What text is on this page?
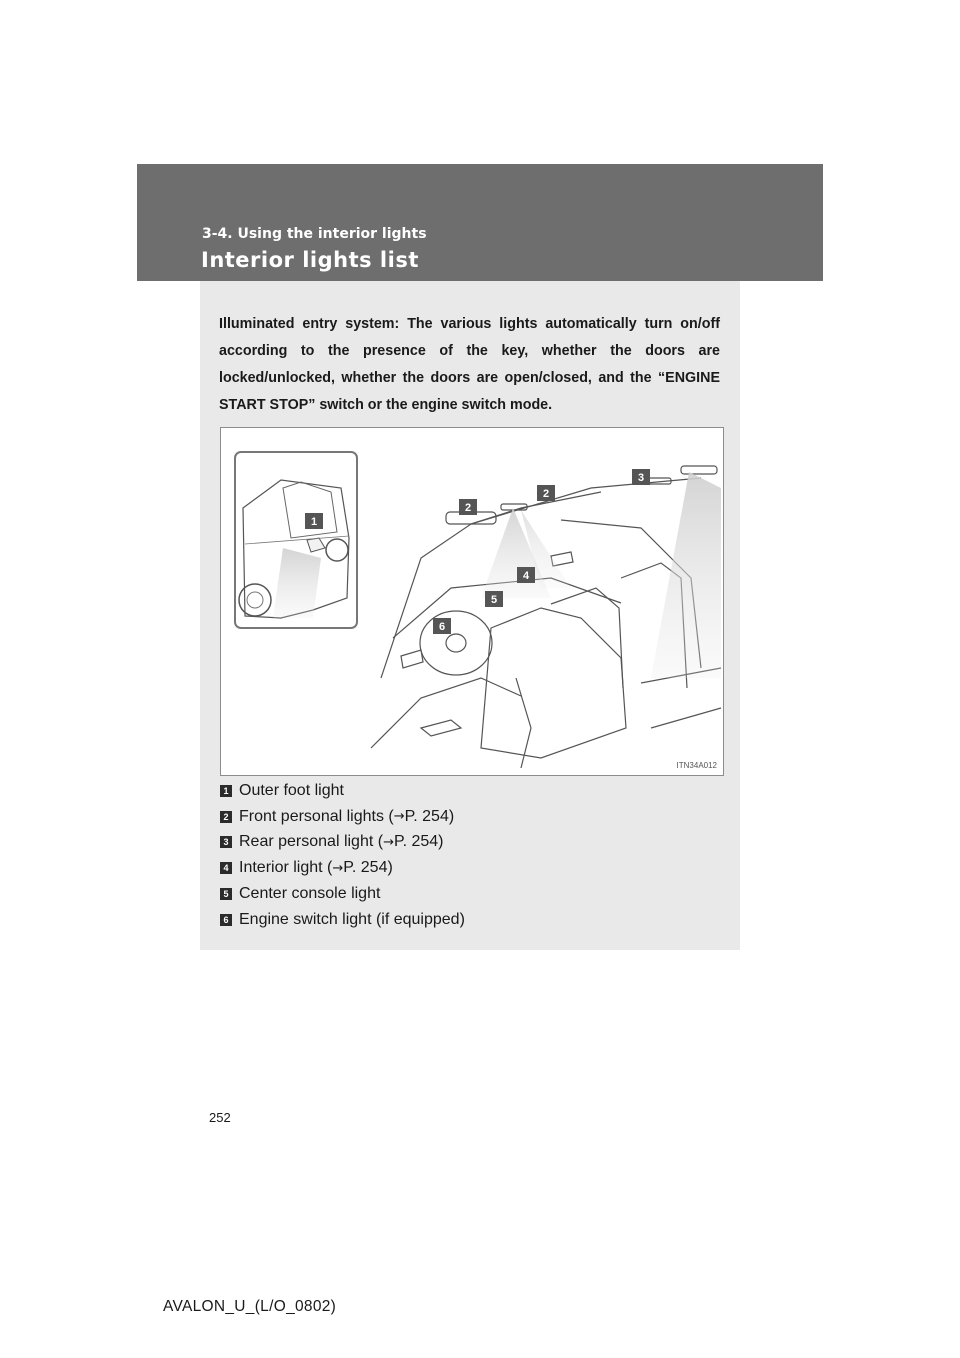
3-4. Using the interior lights
Interior lights list

Illuminated entry system: The various lights automatically turn on/off according to the presence of the key, whether the doors are locked/unlocked, whether the doors are open/closed, and the “ENGINE START STOP” switch or the engine switch mode.

1
2
2
3
4
5
6
ITN34A012
1 Outer foot light
2 Front personal lights ( → P. 254)
3 Rear personal light ( → P. 254)
4 Interior light ( → P. 254)
5 Center console light
6 Engine switch light (if equipped)
252
AVALON_U_(L/O_0802)
